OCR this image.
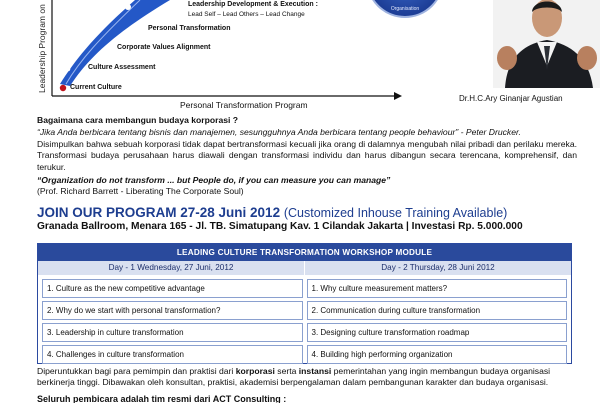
Leadership Program on	Current Culture
Culture Assessment
Corporate Values Alignment
Personal Transformation
Leadership Development & Execution :
Lead Self – Lead Others – Lead Change
Personal Transformation Program
Organisation
Dr.H.C.Ary Ginanjar Agustian
Bagaimana cara membangun budaya korporasi ?
“Jika Anda berbicara tentang bisnis dan manajemen, sesungguhnya Anda berbicara tentang people behaviour” - Peter Drucker.
Disimpulkan bahwa sebuah korporasi tidak dapat bertransformasi kecuali jika orang di dalamnya mengubah nilai pribadi dan perilaku mereka. Transformasi budaya perusahaan harus diawali dengan transformasi individu dan harus dibangun secara terencana, komprehensif, dan terukur.
“Organization do not transform ... but People do, if you can measure you can manage”
(Prof. Richard Barrett - Liberating The Corporate Soul)
JOIN OUR PROGRAM 27-28 Juni 2012 (Customized Inhouse Training Available)
Granada Ballroom, Menara 165 - Jl. TB. Simatupang Kav. 1 Cilandak Jakarta | Investasi Rp. 5.000.000
LEADING CULTURE TRANSFORMATION WORKSHOP MODULE
Day - 1 Wednesday, 27 Juni, 2012	Day - 2 Thursday, 28 Juni 2012
1. Culture as the new competitive advantage
2. Why do we start with personal transformation?
3. Leadership in culture transformation
4. Challenges in culture transformation
1. Why culture measurement matters?
2. Communication during culture transformation
3. Designing culture transformation roadmap
4. Building high performing organization
Diperuntukkan bagi para pemimpin dan praktisi dari korporasi serta instansi pemerintahan yang ingin membangun budaya organisasi berkinerja tinggi. Dibawakan oleh konsultan, praktisi, akademisi berpengalaman dalam pembangunan karakter dan budaya organisasi.
Seluruh pembicara adalah tim resmi dari ACT Consulting :
